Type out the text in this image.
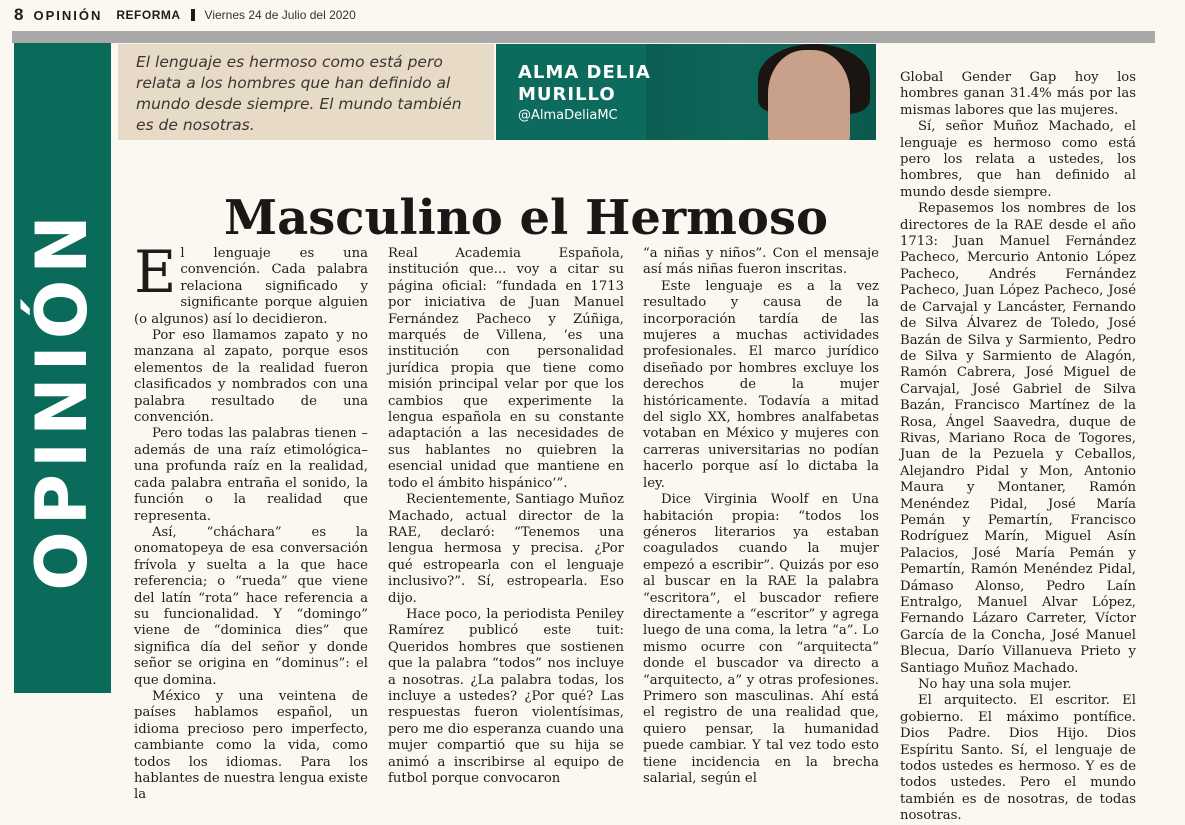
8 OPINIÓN REFORMA Viernes 24 de Julio del 2020
OPINIÓN
El lenguaje es hermoso como está pero relata a los hombres que han definido al mundo desde siempre. El mundo también es de nosotras.
ALMA DELIA
MURILLO
@AlmaDeliaMC
Masculino el Hermoso

El lenguaje es una convención. Cada palabra relaciona significado y significante porque alguien (o algunos) así lo decidieron.

Por eso llamamos zapato y no manzana al zapato, porque esos elementos de la realidad fueron clasificados y nombrados con una palabra resultado de una convención.

Pero todas las palabras tienen –además de una raíz etimológica– una profunda raíz en la realidad, cada palabra entraña el sonido, la función o la realidad que representa.

Así, “cháchara” es la onomatopeya de esa conversación frívola y suelta a la que hace referencia; o “rueda” que viene del latín “rota” hace referencia a su funcionalidad. Y “domingo” viene de “dominica dies” que significa día del señor y donde señor se origina en “dominus”: el que domina.

México y una veintena de países hablamos español, un idioma precioso pero imperfecto, cambiante como la vida, como todos los idiomas. Para los hablantes de nuestra lengua existe la

Real Academia Española, institución que... voy a citar su página oficial: “fundada en 1713 por iniciativa de Juan Manuel Fernández Pacheco y Zúñiga, marqués de Villena, ‘es una institución con personalidad jurídica propia que tiene como misión principal velar por que los cambios que experimente la lengua española en su constante adaptación a las necesidades de sus hablantes no quiebren la esencial unidad que mantiene en todo el ámbito hispánico’”.

Recientemente, Santiago Muñoz Machado, actual director de la RAE, declaró: “Tenemos una lengua hermosa y precisa. ¿Por qué estropearla con el lenguaje inclusivo?”. Sí, estropearla. Eso dijo.

Hace poco, la periodista Peniley Ramírez publicó este tuit: Queridos hombres que sostienen que la palabra “todos” nos incluye a nosotras. ¿La palabra todas, los incluye a ustedes? ¿Por qué? Las respuestas fueron violentísimas, pero me dio esperanza cuando una mujer compartió que su hija se animó a inscribirse al equipo de futbol porque convocaron

“a niñas y niños”. Con el mensaje así más niñas fueron inscritas.

Este lenguaje es a la vez resultado y causa de la incorporación tardía de las mujeres a muchas actividades profesionales. El marco jurídico diseñado por hombres excluye los derechos de la mujer históricamente. Todavía a mitad del siglo XX, hombres analfabetas votaban en México y mujeres con carreras universitarias no podían hacerlo porque así lo dictaba la ley.

Dice Virginia Woolf en Una habitación propia: “todos los géneros literarios ya estaban coagulados cuando la mujer empezó a escribir”. Quizás por eso al buscar en la RAE la palabra “escritora”, el buscador refiere directamente a “escritor” y agrega luego de una coma, la letra “a”. Lo mismo ocurre con “arquitecta” donde el buscador va directo a “arquitecto, a” y otras profesiones. Primero son masculinas. Ahí está el registro de una realidad que, quiero pensar, la humanidad puede cambiar. Y tal vez todo esto tiene incidencia en la brecha salarial, según el

Global Gender Gap hoy los hombres ganan 31.4% más por las mismas labores que las mujeres.

Sí, señor Muñoz Machado, el lenguaje es hermoso como está pero los relata a ustedes, los hombres, que han definido al mundo desde siempre.

Repasemos los nombres de los directores de la RAE desde el año 1713: Juan Manuel Fernández Pacheco, Mercurio Antonio López Pacheco, Andrés Fernández Pacheco, Juan López Pacheco, José de Carvajal y Lancáster, Fernando de Silva Álvarez de Toledo, José Bazán de Silva y Sarmiento, Pedro de Silva y Sarmiento de Alagón, Ramón Cabrera, José Miguel de Carvajal, José Gabriel de Silva Bazán, Francisco Martínez de la Rosa, Ángel Saavedra, duque de Rivas, Mariano Roca de Togores, Juan de la Pezuela y Ceballos, Alejandro Pidal y Mon, Antonio Maura y Montaner, Ramón Menéndez Pidal, José María Pemán y Pemartín, Francisco Rodríguez Marín, Miguel Asín Palacios, José María Pemán y Pemartín, Ramón Menéndez Pidal, Dámaso Alonso, Pedro Laín Entralgo, Manuel Alvar López, Fernando Lázaro Carreter, Víctor García de la Concha, José Manuel Blecua, Darío Villanueva Prieto y Santiago Muñoz Machado.

No hay una sola mujer.

El arquitecto. El escritor. El gobierno. El máximo pontífice. Dios Padre. Dios Hijo. Dios Espíritu Santo. Sí, el lenguaje de todos ustedes es hermoso. Y es de todos ustedes. Pero el mundo también es de nosotras, de todas nosotras.
